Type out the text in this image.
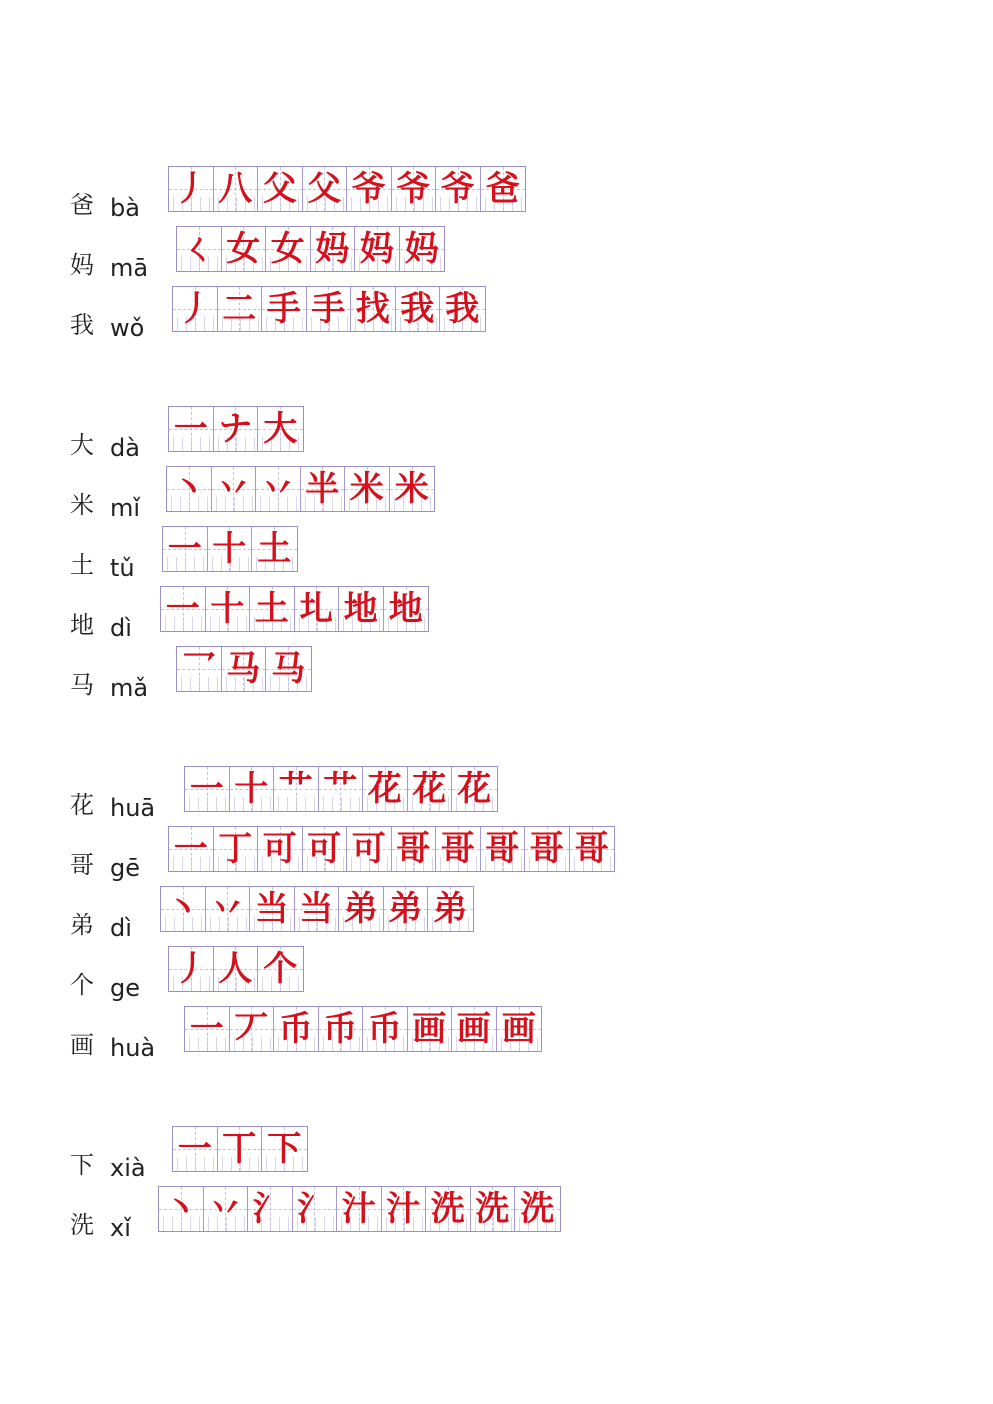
爸 bà 丿 八 父 父 爷 爷 爷 爸
妈 mā ㄑ 女 女 妈 妈 妈
我 wǒ 丿 二 手 手 找 我 我
大 dà 一 ナ 大
米 mǐ 丶 丷 丷 半 米 米
土 tǔ 一 十 土
地 dì 一 十 土 圠 地 地
马 mǎ 乛 马 马
花 huā 一 十 艹 艹 花 花 花
哥 gē 一 丁 可 可 可 哥 哥 哥 哥 哥
弟 dì 丶 丷 当 当 弟 弟 弟
个 ge 丿 人 个
画 huà 一 丆 币 币 币 画 画 画
下 xià 一 丅 下
洗 xǐ 丶 丷 氵 氵 汁 汁 洗 洗 洗
